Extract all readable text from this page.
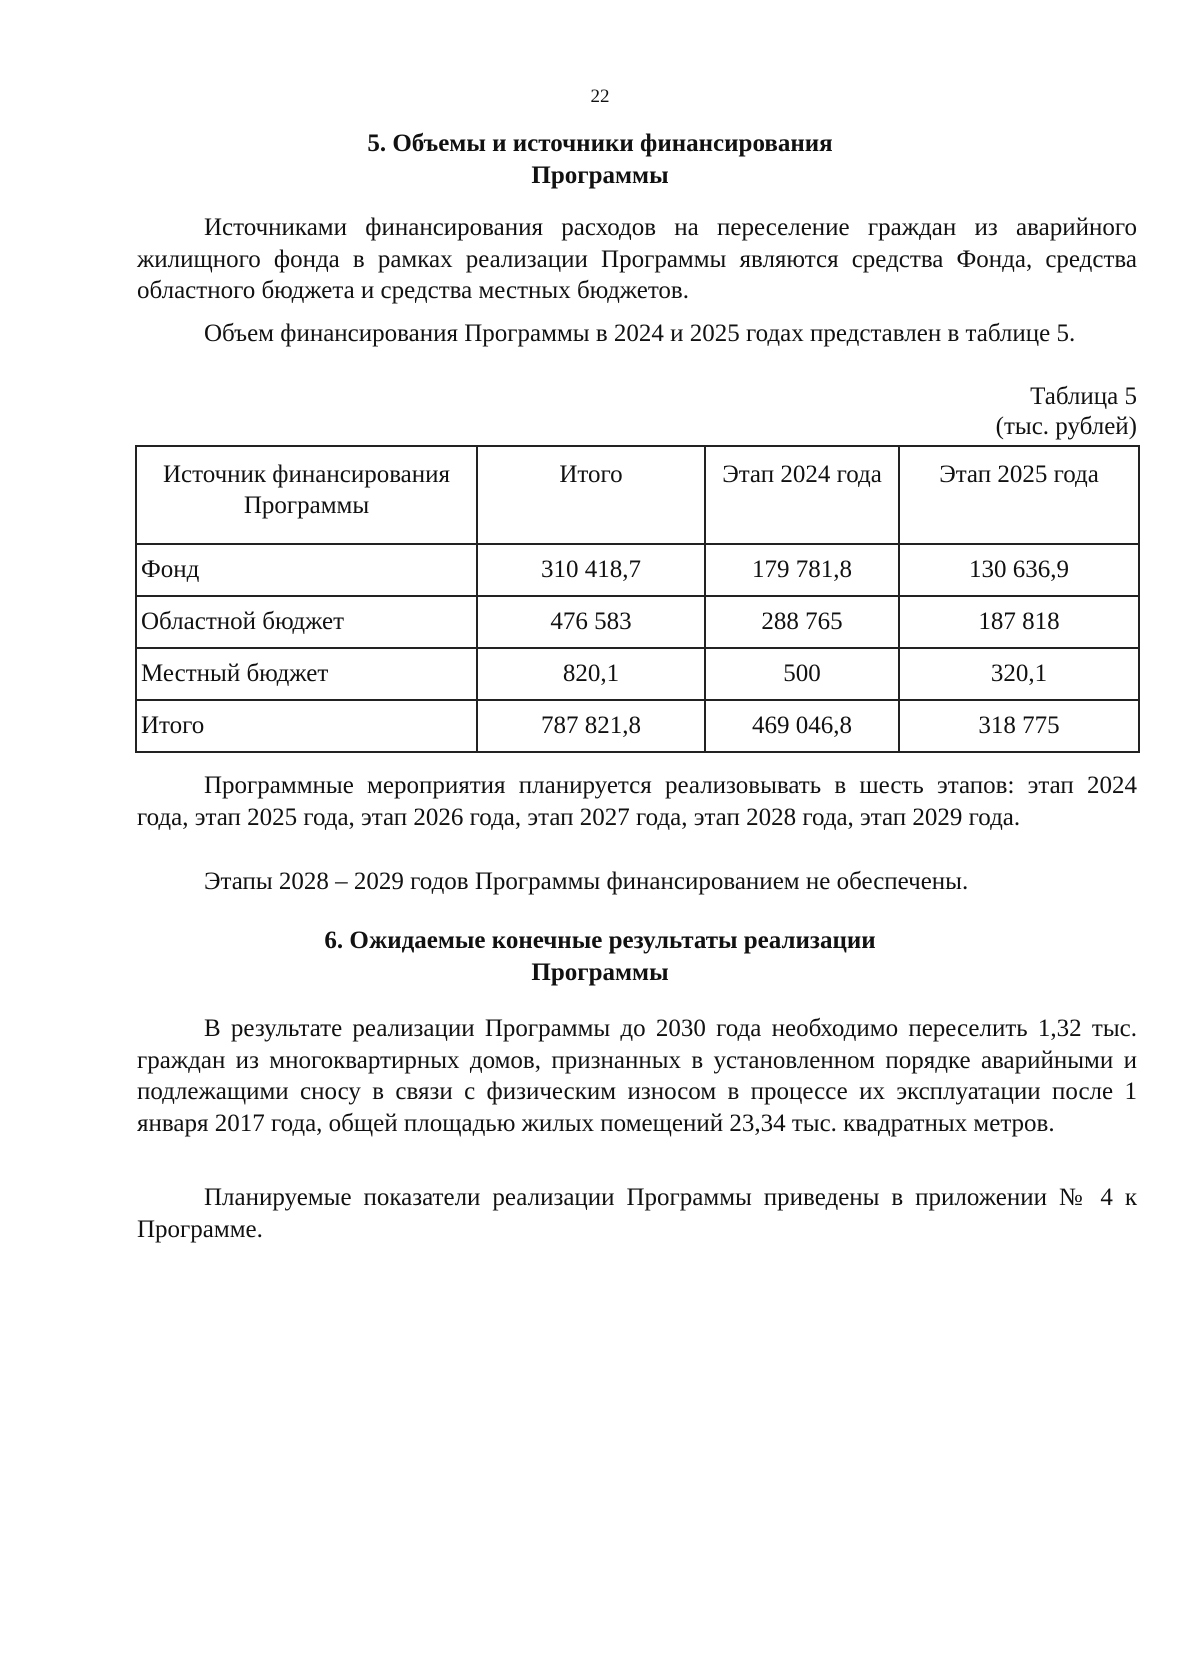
22
5. Объемы и источники финансирования
Программы

Источниками финансирования расходов на переселение граждан из аварийного жилищного фонда в рамках реализации Программы являются средства Фонда, средства областного бюджета и средства местных бюджетов.

Объем финансирования Программы в 2024 и 2025 годах представлен в таблице 5.

Таблица 5
(тыс. рублей)
Источник финансирования Программы	Итого	Этап 2024 года	Этап 2025 года
Фонд	310 418,7	179 781,8	130 636,9
Областной бюджет	476 583	288 765	187 818
Местный бюджет	820,1	500	320,1
Итого	787 821,8	469 046,8	318 775

Программные мероприятия планируется реализовывать в шесть этапов: этап 2024 года, этап 2025 года, этап 2026 года, этап 2027 года, этап 2028 года, этап 2029 года.

Этапы 2028 – 2029 годов Программы финансированием не обеспечены.

6. Ожидаемые конечные результаты реализации
Программы

В результате реализации Программы до 2030 года необходимо переселить 1,32 тыс. граждан из многоквартирных домов, признанных в установленном порядке аварийными и подлежащими сносу в связи с физическим износом в процессе их эксплуатации после 1 января 2017 года, общей площадью жилых помещений 23,34 тыс. квадратных метров.

Планируемые показатели реализации Программы приведены в приложении № 4 к Программе.
